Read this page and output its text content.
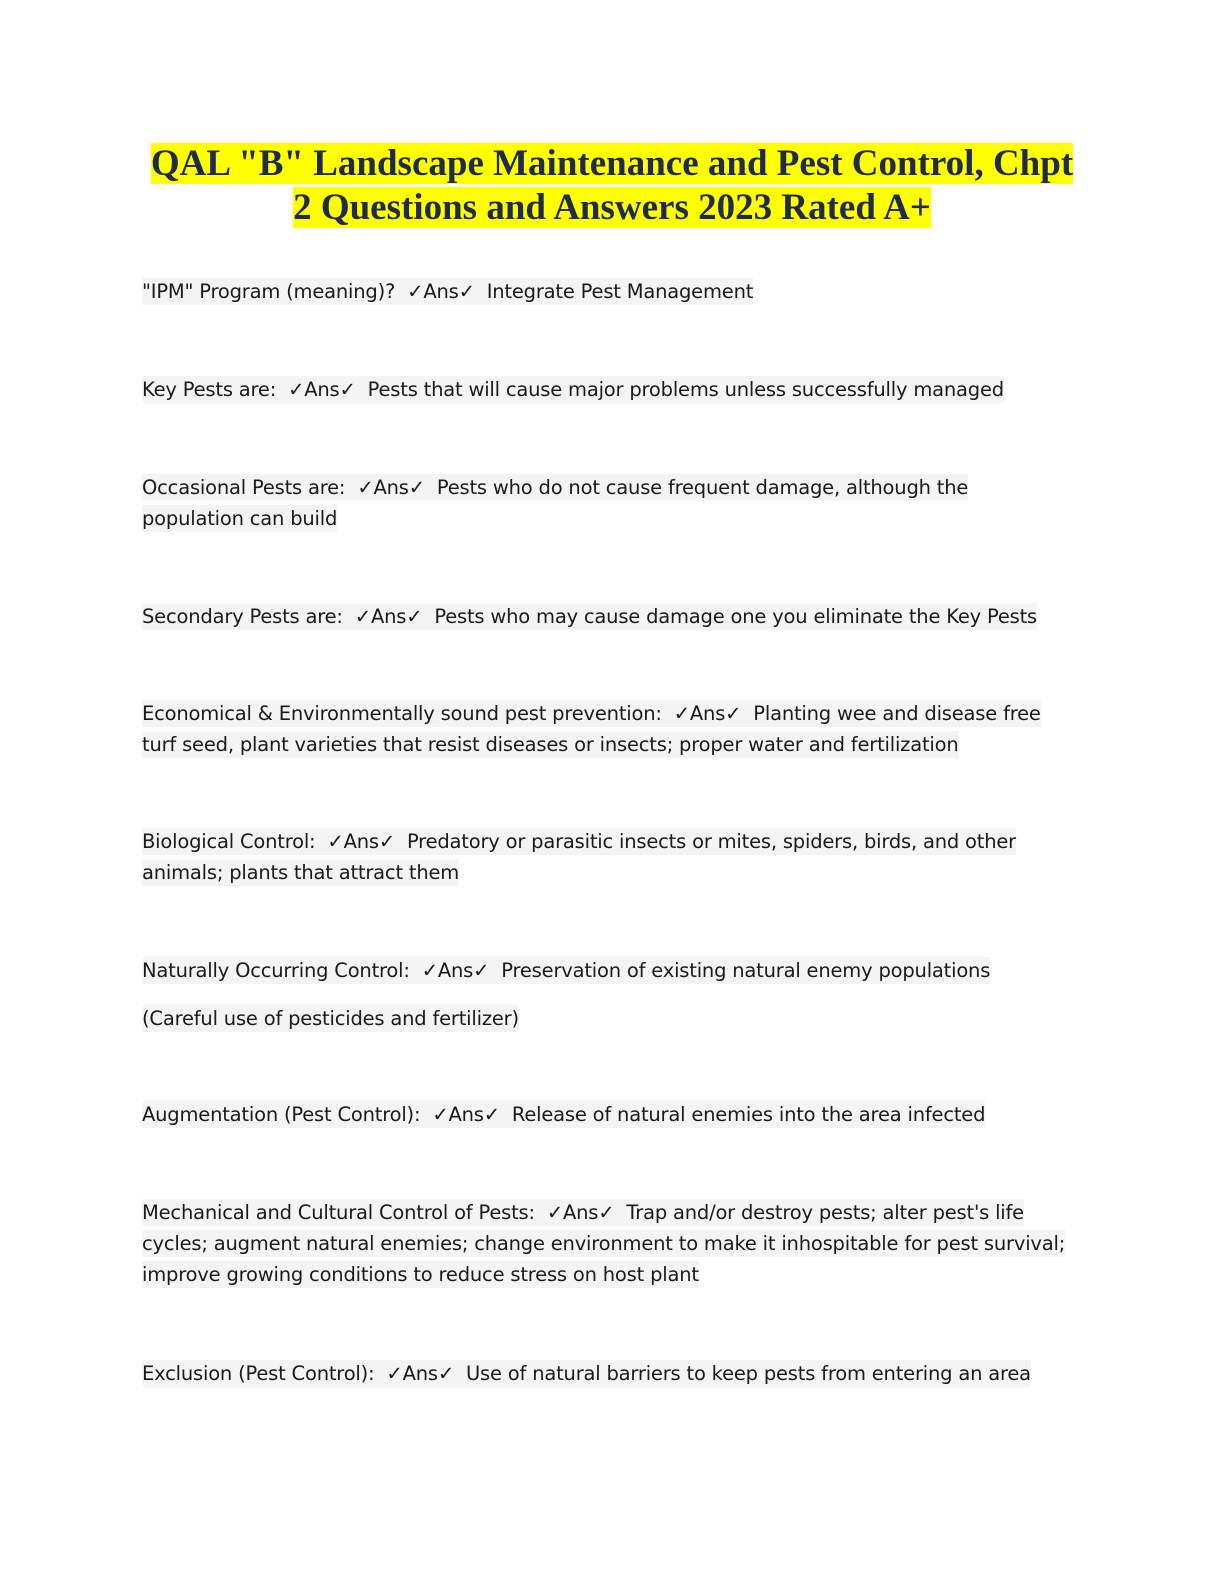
QAL "B" Landscape Maintenance and Pest Control, Chpt
2 Questions and Answers 2023 Rated A+
"IPM" Program (meaning)? ✓Ans✓ Integrate Pest Management
Key Pests are: ✓Ans✓ Pests that will cause major problems unless successfully managed
Occasional Pests are: ✓Ans✓ Pests who do not cause frequent damage, although the population can build
Secondary Pests are: ✓Ans✓ Pests who may cause damage one you eliminate the Key Pests
Economical & Environmentally sound pest prevention: ✓Ans✓ Planting wee and disease free turf seed, plant varieties that resist diseases or insects; proper water and fertilization
Biological Control: ✓Ans✓ Predatory or parasitic insects or mites, spiders, birds, and other animals; plants that attract them
Naturally Occurring Control: ✓Ans✓ Preservation of existing natural enemy populations
(Careful use of pesticides and fertilizer)
Augmentation (Pest Control): ✓Ans✓ Release of natural enemies into the area infected
Mechanical and Cultural Control of Pests: ✓Ans✓ Trap and/or destroy pests; alter pest's life cycles; augment natural enemies; change environment to make it inhospitable for pest survival; improve growing conditions to reduce stress on host plant
Exclusion (Pest Control): ✓Ans✓ Use of natural barriers to keep pests from entering an area
